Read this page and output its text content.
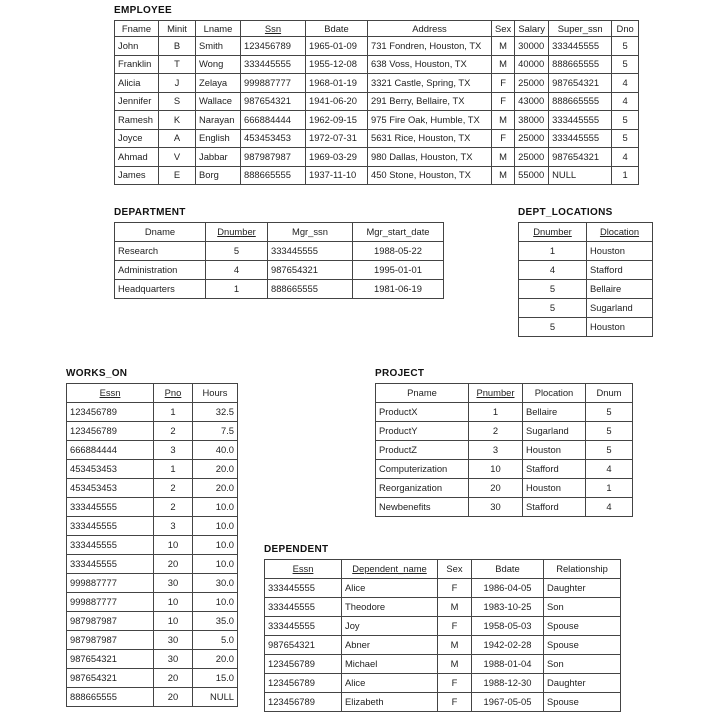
EMPLOYEE
Fname	Minit	Lname	Ssn	Bdate	Address	Sex	Salary	Super_ssn	Dno
John	B	Smith	123456789	1965-01-09	731 Fondren, Houston, TX	M	30000	333445555	5
Franklin	T	Wong	333445555	1955-12-08	638 Voss, Houston, TX	M	40000	888665555	5
Alicia	J	Zelaya	999887777	1968-01-19	3321 Castle, Spring, TX	F	25000	987654321	4
Jennifer	S	Wallace	987654321	1941-06-20	291 Berry, Bellaire, TX	F	43000	888665555	4
Ramesh	K	Narayan	666884444	1962-09-15	975 Fire Oak, Humble, TX	M	38000	333445555	5
Joyce	A	English	453453453	1972-07-31	5631 Rice, Houston, TX	F	25000	333445555	5
Ahmad	V	Jabbar	987987987	1969-03-29	980 Dallas, Houston, TX	M	25000	987654321	4
James	E	Borg	888665555	1937-11-10	450 Stone, Houston, TX	M	55000	NULL	1
DEPARTMENT
Dname	Dnumber	Mgr_ssn	Mgr_start_date
Research	5	333445555	1988-05-22
Administration	4	987654321	1995-01-01
Headquarters	1	888665555	1981-06-19
DEPT_LOCATIONS
Dnumber	Dlocation
1	Houston
4	Stafford
5	Bellaire
5	Sugarland
5	Houston
WORKS_ON
Essn	Pno	Hours
123456789	1	32.5
123456789	2	7.5
666884444	3	40.0
453453453	1	20.0
453453453	2	20.0
333445555	2	10.0
333445555	3	10.0
333445555	10	10.0
333445555	20	10.0
999887777	30	30.0
999887777	10	10.0
987987987	10	35.0
987987987	30	5.0
987654321	30	20.0
987654321	20	15.0
888665555	20	NULL
PROJECT
Pname	Pnumber	Plocation	Dnum
ProductX	1	Bellaire	5
ProductY	2	Sugarland	5
ProductZ	3	Houston	5
Computerization	10	Stafford	4
Reorganization	20	Houston	1
Newbenefits	30	Stafford	4
DEPENDENT
Essn	Dependent_name	Sex	Bdate	Relationship
333445555	Alice	F	1986-04-05	Daughter
333445555	Theodore	M	1983-10-25	Son
333445555	Joy	F	1958-05-03	Spouse
987654321	Abner	M	1942-02-28	Spouse
123456789	Michael	M	1988-01-04	Son
123456789	Alice	F	1988-12-30	Daughter
123456789	Elizabeth	F	1967-05-05	Spouse
